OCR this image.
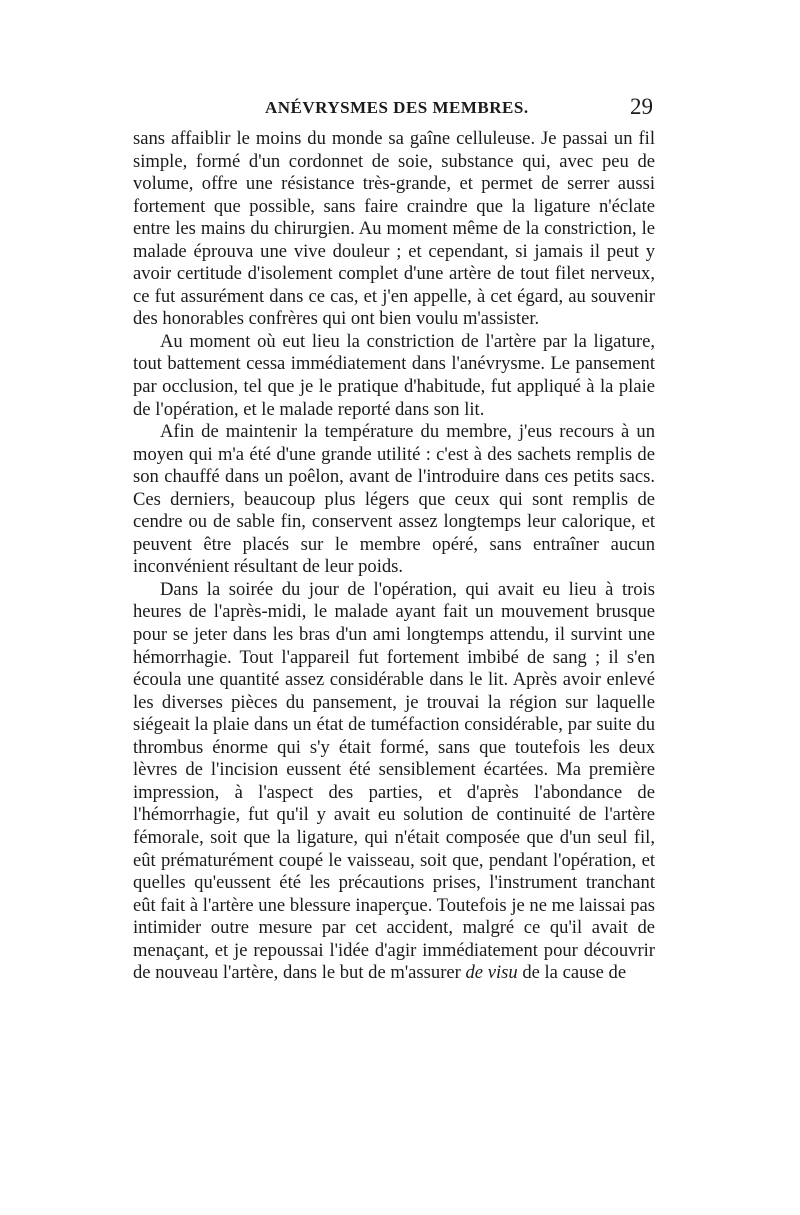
ANÉVRYSMES DES MEMBRES.	29

sans affaiblir le moins du monde sa gaîne celluleuse. Je passai un fil simple, formé d'un cordonnet de soie, substance qui, avec peu de volume, offre une résistance très-grande, et permet de serrer aussi fortement que possible, sans faire craindre que la ligature n'éclate entre les mains du chirurgien. Au moment même de la constriction, le malade éprouva une vive douleur ; et cependant, si jamais il peut y avoir certitude d'isolement complet d'une artère de tout filet nerveux, ce fut assurément dans ce cas, et j'en appelle, à cet égard, au souvenir des honorables confrères qui ont bien voulu m'assister.

Au moment où eut lieu la constriction de l'artère par la ligature, tout battement cessa immédiatement dans l'anévrysme. Le pansement par occlusion, tel que je le pratique d'habitude, fut appliqué à la plaie de l'opération, et le malade reporté dans son lit.

Afin de maintenir la température du membre, j'eus recours à un moyen qui m'a été d'une grande utilité : c'est à des sachets remplis de son chauffé dans un poêlon, avant de l'introduire dans ces petits sacs. Ces derniers, beaucoup plus légers que ceux qui sont remplis de cendre ou de sable fin, conservent assez longtemps leur calorique, et peuvent être placés sur le membre opéré, sans entraîner aucun inconvénient résultant de leur poids.

Dans la soirée du jour de l'opération, qui avait eu lieu à trois heures de l'après-midi, le malade ayant fait un mouvement brusque pour se jeter dans les bras d'un ami longtemps attendu, il survint une hémorrhagie. Tout l'appareil fut fortement imbibé de sang ; il s'en écoula une quantité assez considérable dans le lit. Après avoir enlevé les diverses pièces du pansement, je trouvai la région sur laquelle siégeait la plaie dans un état de tuméfaction considérable, par suite du thrombus énorme qui s'y était formé, sans que toutefois les deux lèvres de l'incision eussent été sensiblement écartées. Ma première impression, à l'aspect des parties, et d'après l'abondance de l'hémorrhagie, fut qu'il y avait eu solution de continuité de l'artère fémorale, soit que la ligature, qui n'était composée que d'un seul fil, eût prématurément coupé le vaisseau, soit que, pendant l'opération, et quelles qu'eussent été les précautions prises, l'instrument tranchant eût fait à l'artère une blessure inaperçue. Toutefois je ne me laissai pas intimider outre mesure par cet accident, malgré ce qu'il avait de menaçant, et je repoussai l'idée d'agir immédiatement pour découvrir de nouveau l'artère, dans le but de m'assurer de visu de la cause de
